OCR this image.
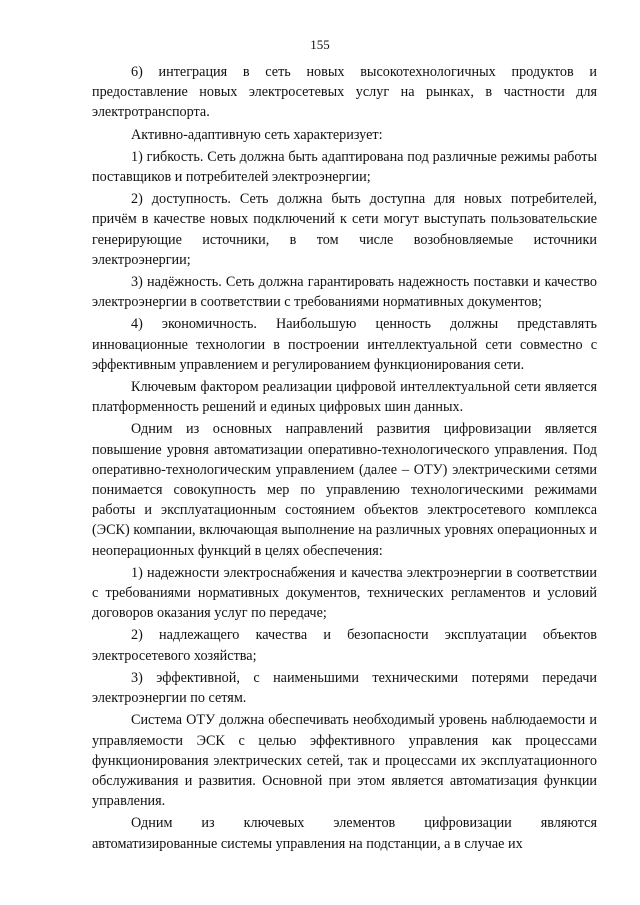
155

6) интеграция в сеть новых высокотехнологичных продуктов и предоставление новых электросетевых услуг на рынках, в частности для электротранспорта.

Активно-адаптивную сеть характеризует:

1) гибкость. Сеть должна быть адаптирована под различные режимы работы поставщиков и потребителей электроэнергии;

2) доступность. Сеть должна быть доступна для новых потребителей, причём в качестве новых подключений к сети могут выступать пользовательские генерирующие источники, в том числе возобновляемые источники электроэнергии;

3) надёжность. Сеть должна гарантировать надежность поставки и качество электроэнергии в соответствии с требованиями нормативных документов;

4) экономичность. Наибольшую ценность должны представлять инновационные технологии в построении интеллектуальной сети совместно с эффективным управлением и регулированием функционирования сети.

Ключевым фактором реализации цифровой интеллектуальной сети является платформенность решений и единых цифровых шин данных.

Одним из основных направлений развития цифровизации является повышение уровня автоматизации оперативно-технологического управления. Под оперативно-технологическим управлением (далее – ОТУ) электрическими сетями понимается совокупность мер по управлению технологическими режимами работы и эксплуатационным состоянием объектов электросетевого комплекса (ЭСК) компании, включающая выполнение на различных уровнях операционных и неоперационных функций в целях обеспечения:

1) надежности электроснабжения и качества электроэнергии в соответствии с требованиями нормативных документов, технических регламентов и условий договоров оказания услуг по передаче;

2) надлежащего качества и безопасности эксплуатации объектов электросетевого хозяйства;

3) эффективной, с наименьшими техническими потерями передачи электроэнергии по сетям.

Система ОТУ должна обеспечивать необходимый уровень наблюдаемости и управляемости ЭСК с целью эффективного управления как процессами функционирования электрических сетей, так и процессами их эксплуатационного обслуживания и развития. Основной при этом является автоматизация функции управления.

Одним из ключевых элементов цифровизации являются автоматизированные системы управления на подстанции, а в случае их
